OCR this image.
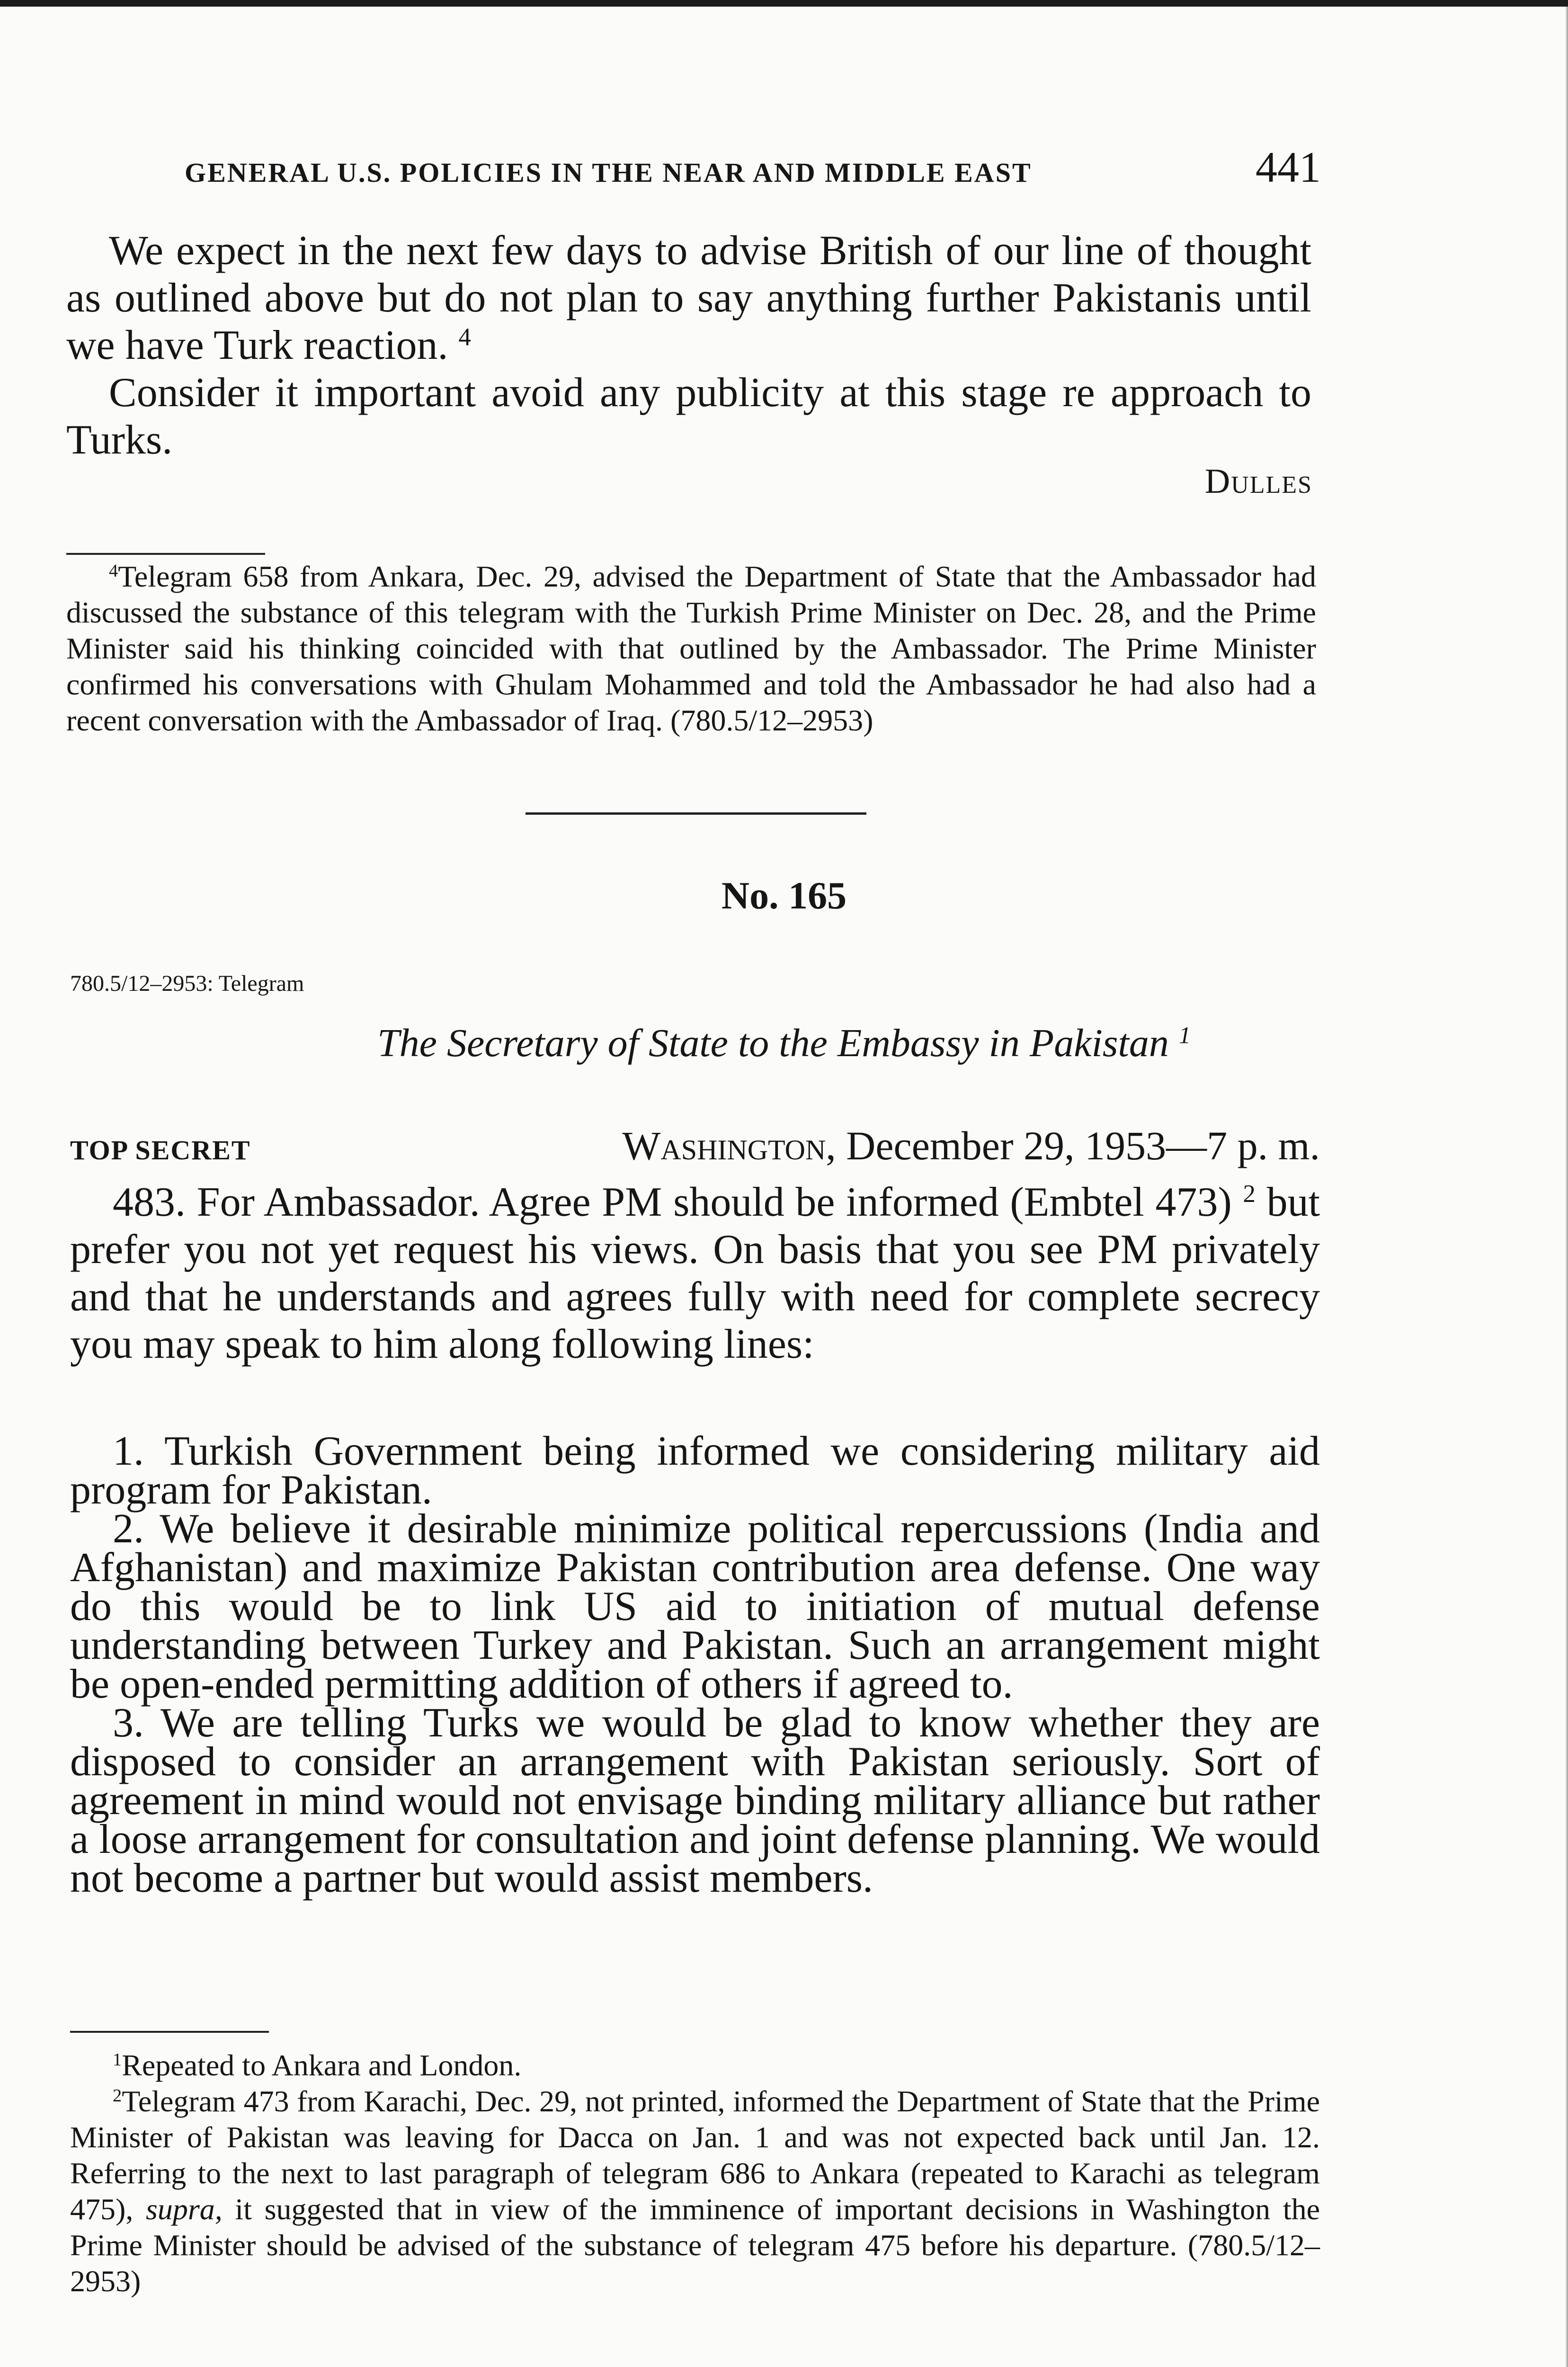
GENERAL U.S. POLICIES IN THE NEAR AND MIDDLE EAST	441

We expect in the next few days to advise British of our line of thought as outlined above but do not plan to say anything further Pakistanis until we have Turk reaction. $^4$

Consider it important avoid any publicity at this stage re approach to Turks.

Dulles

$^4$Telegram 658 from Ankara, Dec. 29, advised the Department of State that the Ambassador had discussed the substance of this telegram with the Turkish Prime Minister on Dec. 28, and the Prime Minister said his thinking coincided with that outlined by the Ambassador. The Prime Minister confirmed his conversations with Ghulam Mohammed and told the Ambassador he had also had a recent conversation with the Ambassador of Iraq. (780.5/12–2953)

No. 165
780.5/12–2953: Telegram
The Secretary of State to the Embassy in Pakistan $^1$
TOP SECRET	Washington, December 29, 1953—7 p. m.

483. For Ambassador. Agree PM should be informed (Embtel 473) $^2$ but prefer you not yet request his views. On basis that you see PM privately and that he understands and agrees fully with need for complete secrecy you may speak to him along following lines:

1. Turkish Government being informed we considering military aid program for Pakistan.

2. We believe it desirable minimize political repercussions (India and Afghanistan) and maximize Pakistan contribution area defense. One way do this would be to link US aid to initiation of mutual defense understanding between Turkey and Pakistan. Such an arrangement might be open-ended permitting addition of others if agreed to.

3. We are telling Turks we would be glad to know whether they are disposed to consider an arrangement with Pakistan seriously. Sort of agreement in mind would not envisage binding military alliance but rather a loose arrangement for consultation and joint defense planning. We would not become a partner but would assist members.

$^1$Repeated to Ankara and London.

$^2$Telegram 473 from Karachi, Dec. 29, not printed, informed the Department of State that the Prime Minister of Pakistan was leaving for Dacca on Jan. 1 and was not expected back until Jan. 12. Referring to the next to last paragraph of telegram 686 to Ankara (repeated to Karachi as telegram 475), supra, it suggested that in view of the imminence of important decisions in Washington the Prime Minister should be advised of the substance of telegram 475 before his departure. (780.5/12–2953)
